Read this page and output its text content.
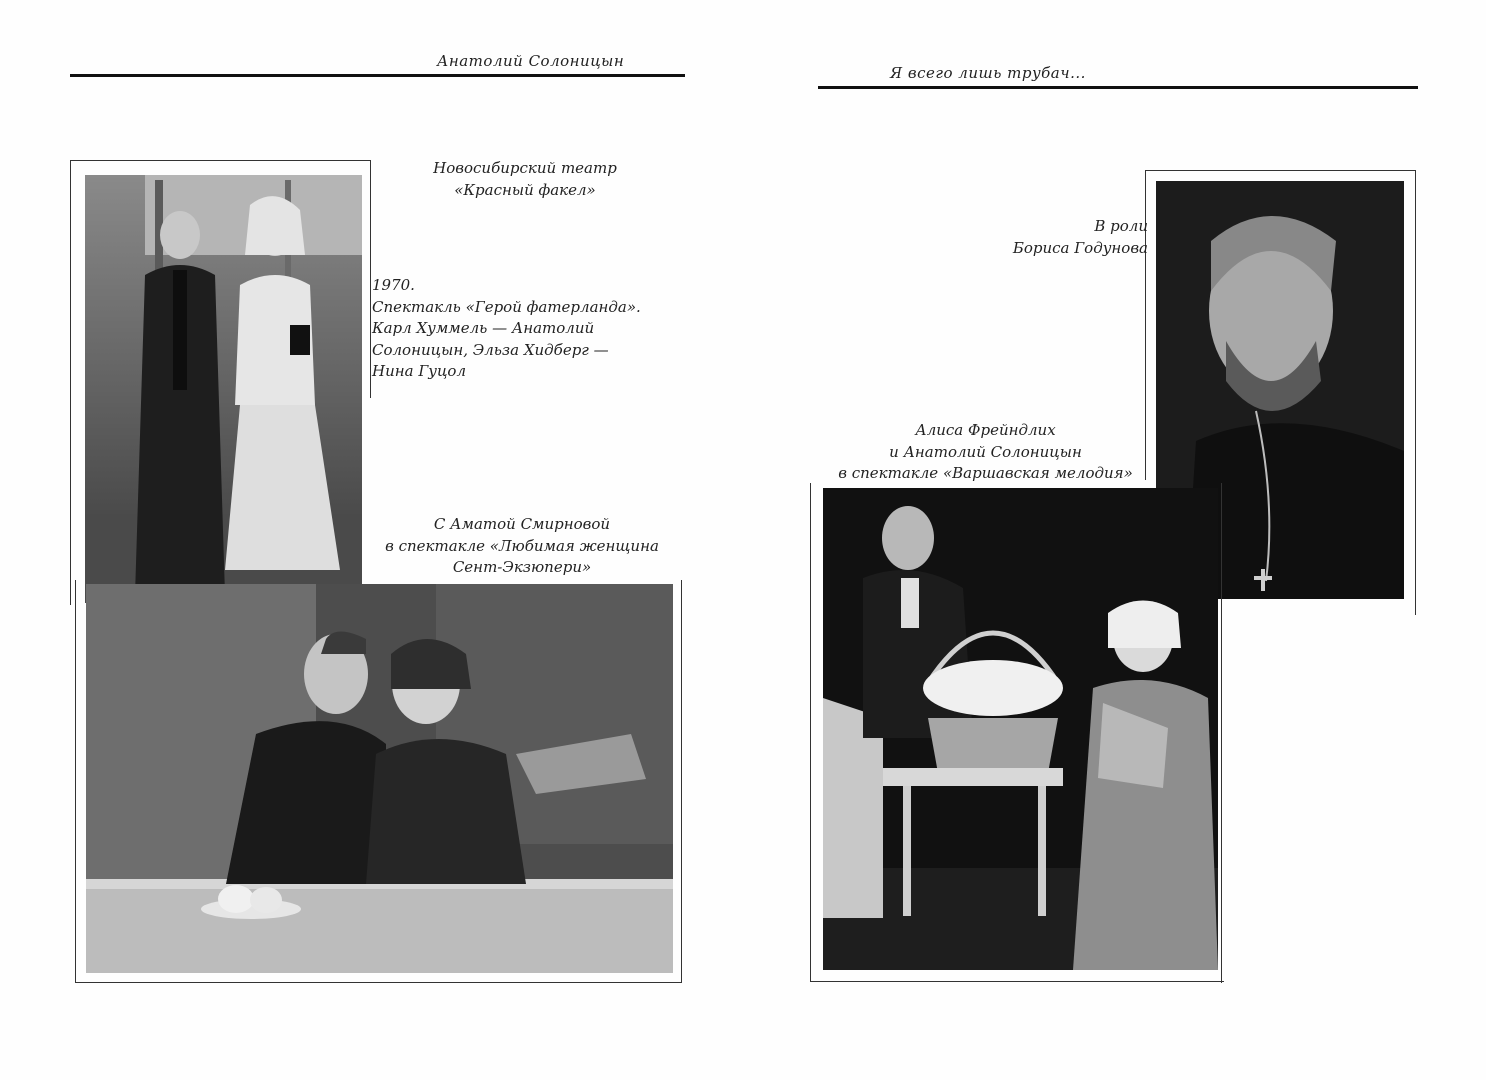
Анатолий Солоницын
Новосибирский театр
«Красный факел»
1970.
Спектакль «Герой фатерланда».
Карл Хуммель — Анатолий
Солоницын, Эльза Хидберг —
Нина Гуцол
С Аматой Смирновой
в спектакле «Любимая женщина
Сент-Экзюпери»
Я всего лишь трубач...
В роли
Бориса Годунова
Алиса Фрейндлих
и Анатолий Солоницын
в спектакле «Варшавская мелодия»
